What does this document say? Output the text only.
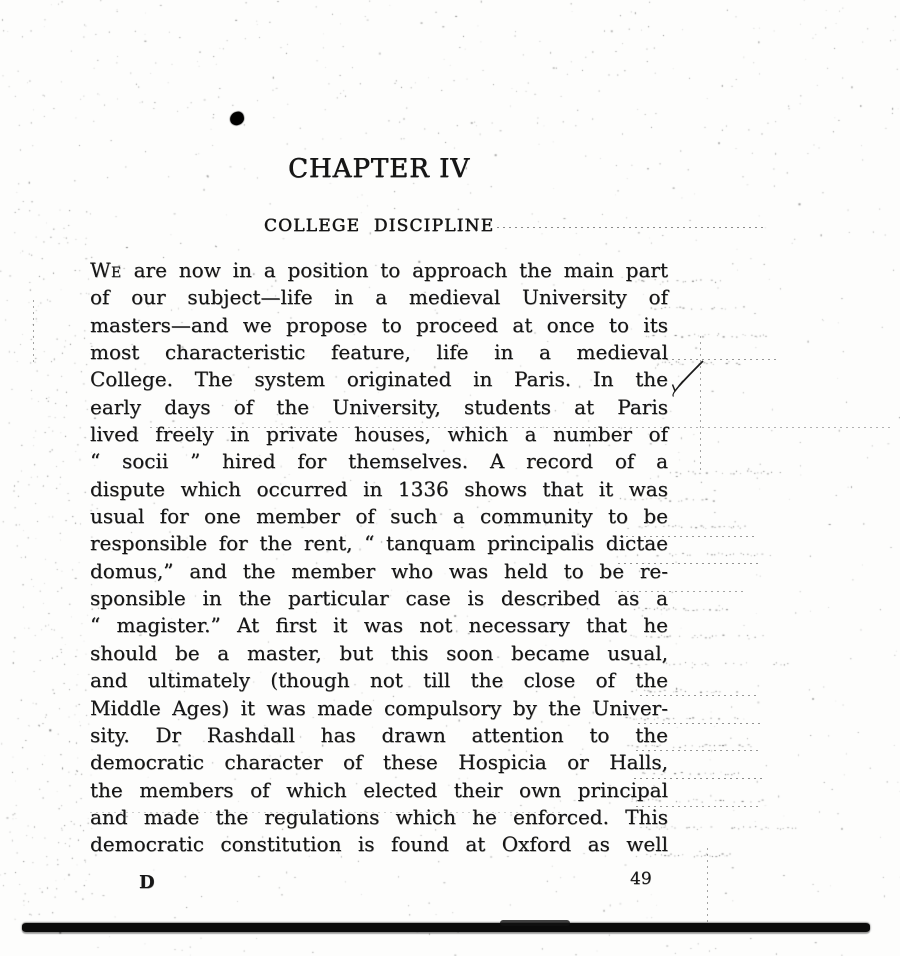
CHAPTER IV
COLLEGE DISCIPLINE
We are now in a position to approach the main part
of our subject—life in a medieval University of
masters—and we propose to proceed at once to its
most characteristic feature, life in a medieval
College. The system originated in Paris. In the
early days of the University, students at Paris
lived freely in private houses, which a number of
“ socii ” hired for themselves. A record of a
dispute which occurred in 1336 shows that it was
usual for one member of such a community to be
responsible for the rent, “ tanquam principalis dictae
domus,” and the member who was held to be re-
sponsible in the particular case is described as a
“ magister.” At first it was not necessary that he
should be a master, but this soon became usual,
and ultimately (though not till the close of the
Middle Ages) it was made compulsory by the Univer-
sity. Dr Rashdall has drawn attention to the
democratic character of these Hospicia or Halls,
the members of which elected their own principal
and made the regulations which he enforced. This
democratic constitution is found at Oxford as well
D	49
